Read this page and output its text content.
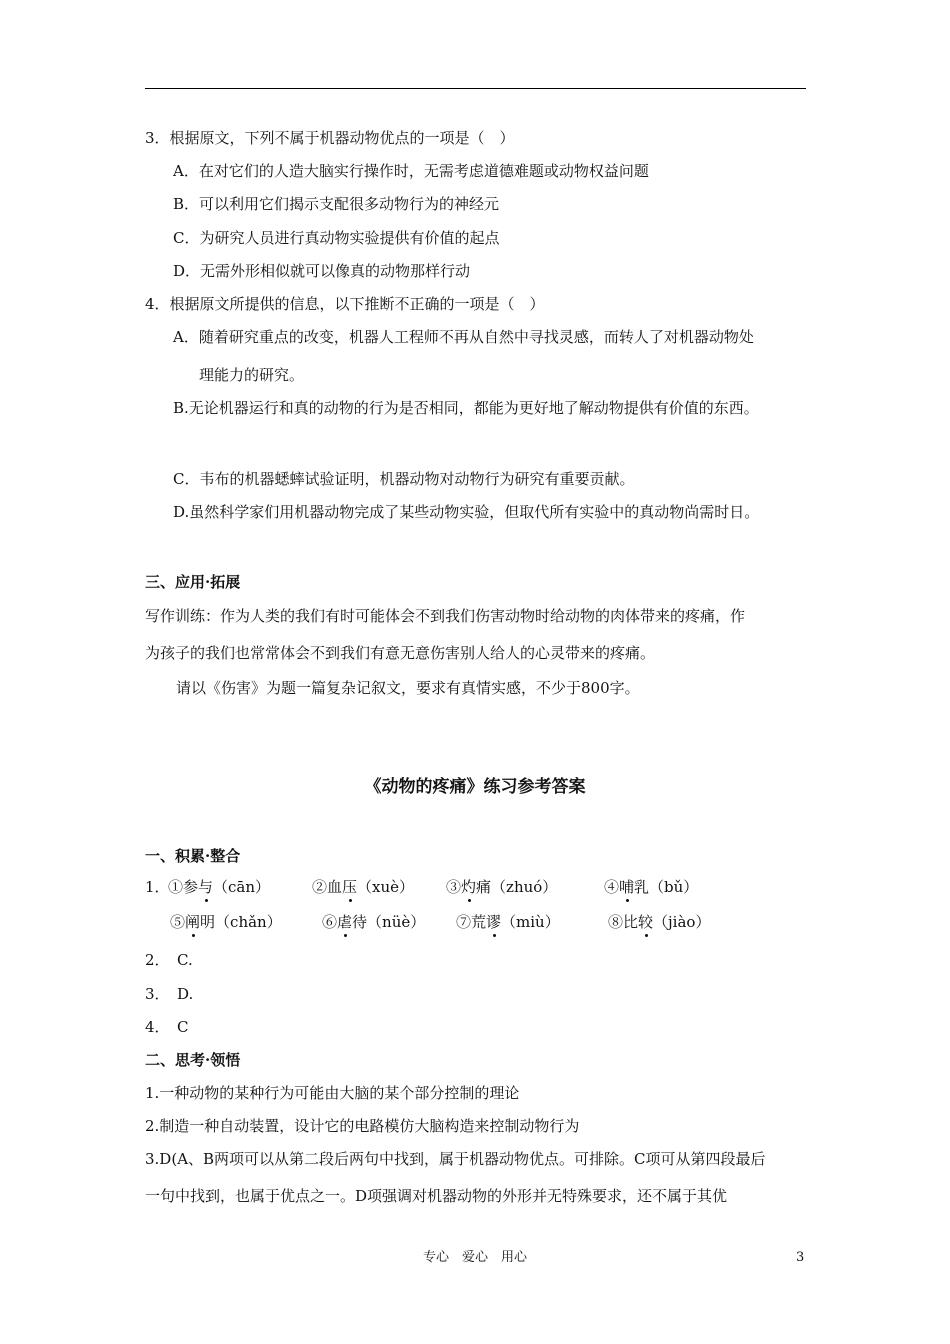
3．根据原文，下列不属于机器动物优点的一项是（　）
A．在对它们的人造大脑实行操作时，无需考虑道德难题或动物权益问题
B．可以利用它们揭示支配很多动物行为的神经元
C．为研究人员进行真动物实验提供有价值的起点
D．无需外形相似就可以像真的动物那样行动
4．根据原文所提供的信息，以下推断不正确的一项是（　）
A．随着研究重点的改变，机器人工程师不再从自然中寻找灵感，而转人了对机器动物处
理能力的研究。
B.无论机器运行和真的动物的行为是否相同，都能为更好地了解动物提供有价值的东西。
C．韦布的机器蟋蟀试验证明，机器动物对动物行为研究有重要贡献。
D.虽然科学家们用机器动物完成了某些动物实验，但取代所有实验中的真动物尚需时日。
三、应用·拓展
写作训练：作为人类的我们有时可能体会不到我们伤害动物时给动物的肉体带来的疼痛，作
为孩子的我们也常常体会不到我们有意无意伤害别人给人的心灵带来的疼痛。
请以《伤害》为题一篇复杂记叙文，要求有真情实感，不少于800字。
《动物的疼痛》练习参考答案
一、积累·整合
1．
①参与（cān）	②血压（xuè） ③灼痛（zhuó）	④哺乳（bǔ）
⑤阐明（chǎn）	⑥虐待（nüè） ⑦荒谬（miù）	⑧比较（jiào）
2．　C.
3．　D.
4．　C
二、思考·领悟
1.一种动物的某种行为可能由大脑的某个部分控制的理论
2.制造一种自动装置，设计它的电路模仿大脑构造来控制动物行为
3.D(A、B两项可以从第二段后两句中找到，属于机器动物优点。可排除。C项可从第四段最后
一句中找到，也属于优点之一。D项强调对机器动物的外形并无特殊要求，还不属于其优
专心　爱心　用心	3
